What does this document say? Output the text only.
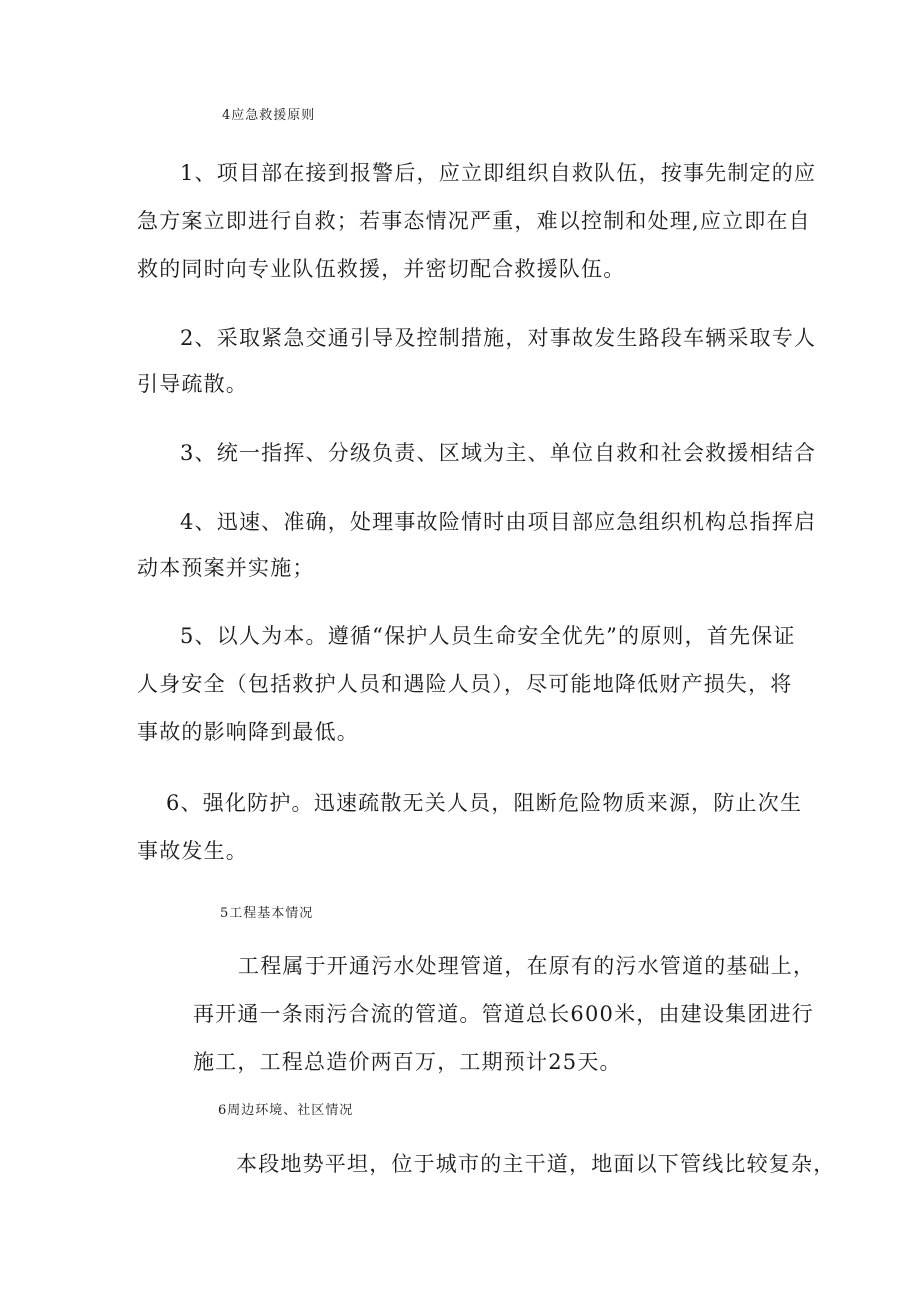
4应急救援原则

1、项目部在接到报警后，应立即组织自救队伍，按事先制定的应

急方案立即进行自救；若事态情况严重，难以控制和处理,应立即在自

救的同时向专业队伍救援，并密切配合救援队伍。

2、采取紧急交通引导及控制措施，对事故发生路段车辆采取专人

引导疏散。

3、统一指挥、分级负责、区域为主、单位自救和社会救援相结合

4、迅速、准确，处理事故险情时由项目部应急组织机构总指挥启

动本预案并实施；

5、以人为本。遵循“保护人员生命安全优先”的原则，首先保证

人身安全（包括救护人员和遇险人员），尽可能地降低财产损失，将

事故的影响降到最低。

6、强化防护。迅速疏散无关人员，阻断危险物质来源，防止次生

事故发生。

5工程基本情况

工程属于开通污水处理管道，在原有的污水管道的基础上，

再开通一条雨污合流的管道。管道总长600米，由建设集团进行

施工，工程总造价两百万，工期预计25天。

6周边环境、社区情况

本段地势平坦，位于城市的主干道，地面以下管线比较复杂，
